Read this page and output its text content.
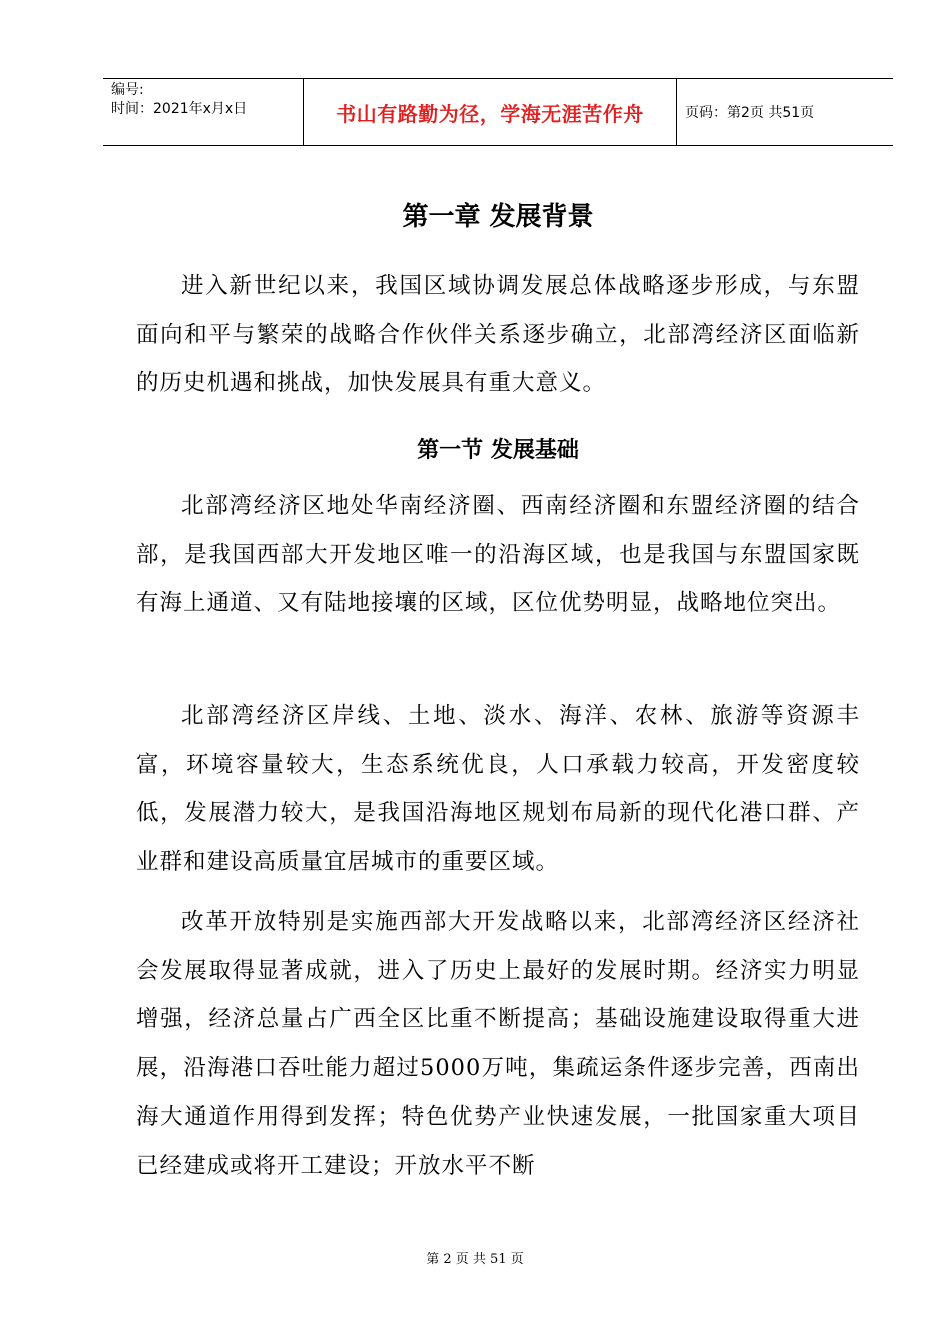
编号:
时间：2021年x月x日	书山有路勤为径，学海无涯苦作舟	页码：第2页 共51页
第一章 发展背景

进入新世纪以来，我国区域协调发展总体战略逐步形成，与东盟面向和平与繁荣的战略合作伙伴关系逐步确立，北部湾经济区面临新的历史机遇和挑战，加快发展具有重大意义。

第一节 发展基础

北部湾经济区地处华南经济圈、西南经济圈和东盟经济圈的结合部，是我国西部大开发地区唯一的沿海区域，也是我国与东盟国家既有海上通道、又有陆地接壤的区域，区位优势明显，战略地位突出。

北部湾经济区岸线、土地、淡水、海洋、农林、旅游等资源丰富，环境容量较大，生态系统优良，人口承载力较高，开发密度较低，发展潜力较大，是我国沿海地区规划布局新的现代化港口群、产业群和建设高质量宜居城市的重要区域。

改革开放特别是实施西部大开发战略以来，北部湾经济区经济社会发展取得显著成就，进入了历史上最好的发展时期。经济实力明显增强，经济总量占广西全区比重不断提高；基础设施建设取得重大进展，沿海港口吞吐能力超过5000万吨，集疏运条件逐步完善，西南出海大通道作用得到发挥；特色优势产业快速发展，一批国家重大项目已经建成或将开工建设；开放水平不断

第 2 页 共 51 页
